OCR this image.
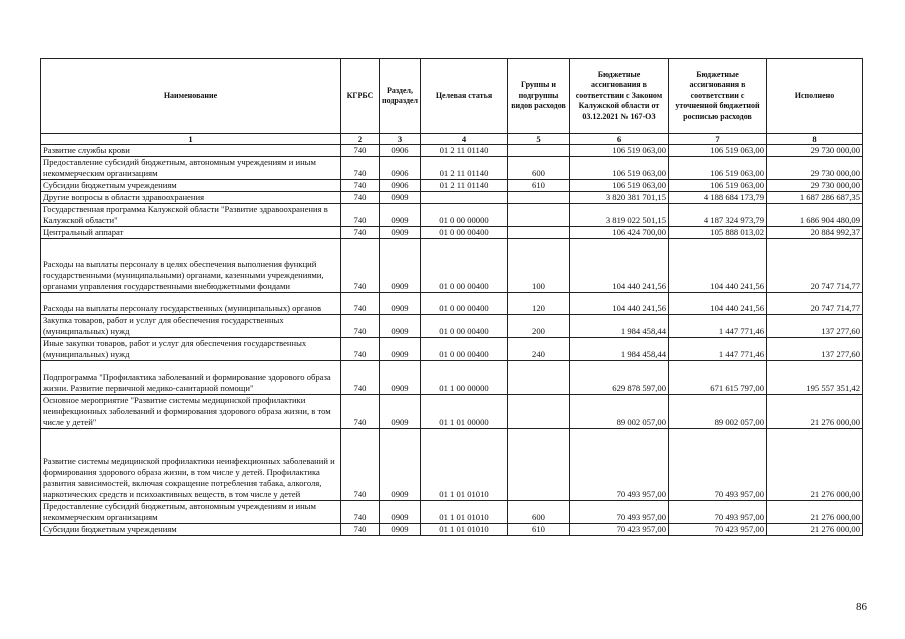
Наименование	КГРБС	Раздел, подраздел	Целевая статья	Группы и подгруппы видов расходов	Бюджетные ассигнования в соответствии с Законом Калужской области от 03.12.2021 № 167-ОЗ	Бюджетные ассигнования в соответствии с уточненной бюджетной росписью расходов	Исполнено
1	2	3	4	5	6	7	8
Развитие службы крови	740	0906	01 2 11 01140		106 519 063,00	106 519 063,00	29 730 000,00
Предоставление субсидий бюджетным, автономным учреждениям и иным некоммерческим организациям	740	0906	01 2 11 01140	600	106 519 063,00	106 519 063,00	29 730 000,00
Субсидии бюджетным учреждениям	740	0906	01 2 11 01140	610	106 519 063,00	106 519 063,00	29 730 000,00
Другие вопросы в области здравоохранения	740	0909			3 820 381 701,15	4 188 684 173,79	1 687 286 687,35
Государственная программа Калужской области "Развитие здравоохранения в Калужской области"	740	0909	01 0 00 00000		3 819 022 501,15	4 187 324 973,79	1 686 904 480,09
Центральный аппарат	740	0909	01 0 00 00400		106 424 700,00	105 888 013,02	20 884 992,37
Расходы на выплаты персоналу в целях обеспечения выполнения функций государственными (муниципальными) органами, казенными учреждениями, органами управления государственными внебюджетными фондами	740	0909	01 0 00 00400	100	104 440 241,56	104 440 241,56	20 747 714,77
Расходы на выплаты персоналу государственных (муниципальных) органов	740	0909	01 0 00 00400	120	104 440 241,56	104 440 241,56	20 747 714,77
Закупка товаров, работ и услуг для обеспечения государственных (муниципальных) нужд	740	0909	01 0 00 00400	200	1 984 458,44	1 447 771,46	137 277,60
Иные закупки товаров, работ и услуг для обеспечения государственных (муниципальных) нужд	740	0909	01 0 00 00400	240	1 984 458,44	1 447 771,46	137 277,60
Подпрограмма "Профилактика заболеваний и формирование здорового образа жизни. Развитие первичной медико-санитарной помощи"	740	0909	01 1 00 00000		629 878 597,00	671 615 797,00	195 557 351,42
Основное мероприятие "Развитие системы медицинской профилактики неинфекционных заболеваний и формирования здорового образа жизни, в том числе у детей"	740	0909	01 1 01 00000		89 002 057,00	89 002 057,00	21 276 000,00
Развитие системы медицинской профилактики неинфекционных заболеваний и формирования здорового образа жизни, в том числе у детей. Профилактика развития зависимостей, включая сокращение потребления табака, алкоголя, наркотических средств и психоактивных веществ, в том числе у детей	740	0909	01 1 01 01010		70 493 957,00	70 493 957,00	21 276 000,00
Предоставление субсидий бюджетным, автономным учреждениям и иным некоммерческим организациям	740	0909	01 1 01 01010	600	70 493 957,00	70 493 957,00	21 276 000,00
Субсидии бюджетным учреждениям	740	0909	01 1 01 01010	610	70 423 957,00	70 423 957,00	21 276 000,00
86
